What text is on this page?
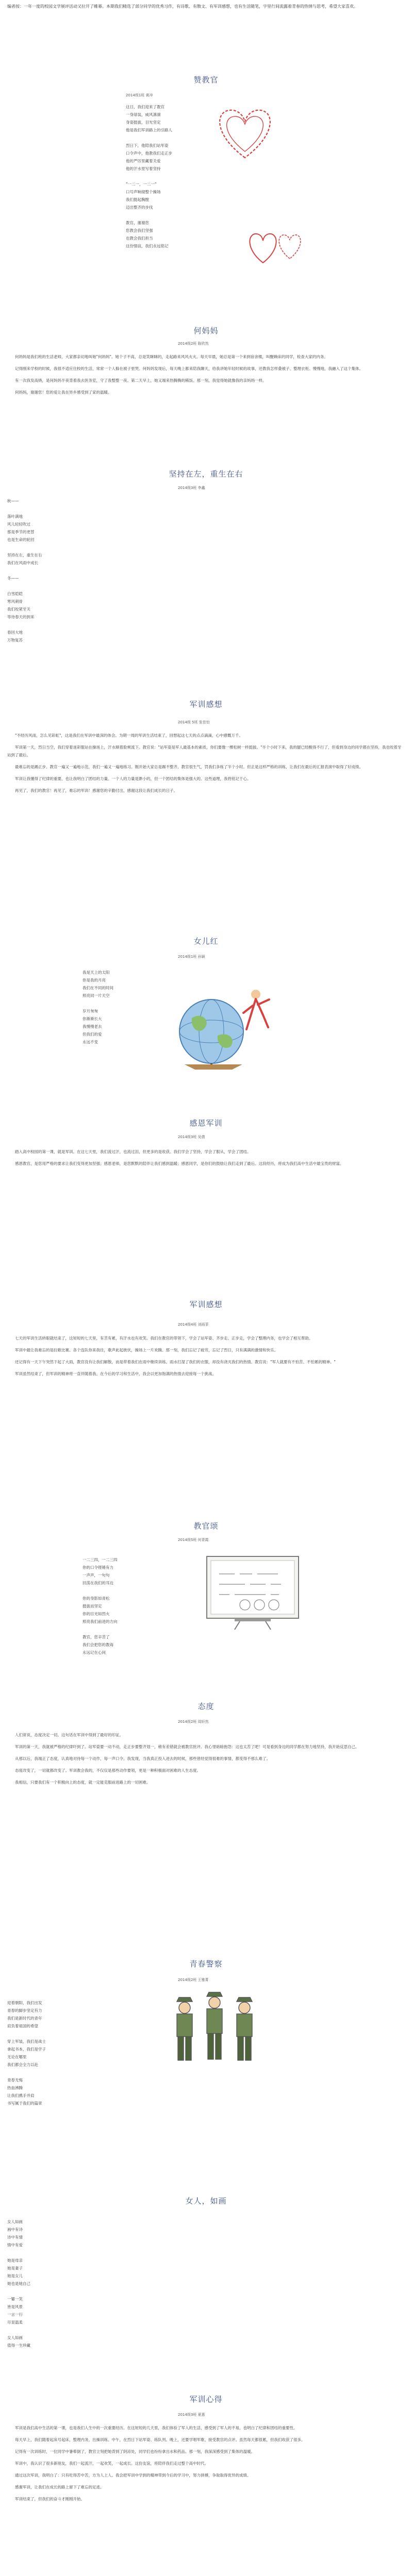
编者按：一年一度的校园文学展评活动又拉开了帷幕。本期我们精选了部分同学的优秀习作，有诗歌、有散文、有军训感想，也有生活随笔，字里行间流露着青春的热情与思考，希望大家喜欢。
赞教官
2014级1班 黄冲
这日，我们迎来了教官
一身绿装，威风凛凛
身姿挺拔，目光坚定
他是我们军训路上的引路人
烈日下，他陪我们站军姿
口令声中，他教我们走正步
他的严厉里藏着关爱
他的汗水里写着坚持
"一二一，一二一"
口号声响彻整个操场
我们挺起胸膛
迈出整齐的步伐
教官，谢谢您
您教会我们坚强
也教会我们担当
这份情谊，我们永远铭记
何妈妈
2014级2班 陈欣然
何妈妈是我们班的生活老师，大家都亲切地叫她"何妈妈"。她个子不高，总是笑眯眯的，走起路来风风火火。每天早晨，她总是第一个来到宿舍楼，叫醒赖床的同学，检查大家的内务。
记得刚来学校的时候，我很不适应住校的生活，常常一个人躲在被子里哭。何妈妈发现后，每天晚上都来陪我聊天，给我讲她年轻时候的故事，还教我怎样叠被子、整理衣柜。慢慢地，我融入了这个集体。
有一次我发高烧，是何妈妈半夜背着我去医务室，守了我整整一夜。第二天早上，她又端来热腾腾的稀饭。那一刻，我觉得她就像我的亲妈妈一样。
何妈妈，谢谢您！您的爱让我在异乡感受到了家的温暖。
坚持在左，重生在右
2014级3班 李鑫
秋——
落叶满地
风儿轻轻吹过
那是季节的更替
也是生命的轮回
坚持在左，重生在右
我们在风雨中成长
冬——
白雪皑皑
寒风刺骨
我们咬紧牙关
等待春天的到来
春回大地
万物复苏
军训感想
2014级 5班 张佳怡
"不经历风雨，怎么见彩虹"，这是我们在军训中最深的体会。为期一周的军训生活结束了，回想起这七天的点点滴滴，心中感慨万千。
军训第一天，烈日当空，我们穿着迷彩服站在操场上，汗水顺着脸颊流下。教官说："站军姿是军人最基本的素质，你们要像一棵松树一样挺拔。"半个小时下来，我的腿已经酸得不行了，但看到身边的同学都在坚持，我也咬着牙站到了最后。
最难忘的是踢正步。教官一遍又一遍地示范，我们一遍又一遍地练习。刚开始大家总是踢不整齐，教官很生气，罚我们多练了半个小时。但正是这样严格的训练，让我们在最后的汇报表演中取得了好成绩。
军训让我懂得了纪律的重要，也让我明白了团结的力量。一个人的力量是渺小的，但一个团结的集体是强大的。这些道理，我将铭记于心。
再见了，我们的教官！再见了，难忘的军训！感谢您的辛勤付出，感谢这段让我们成长的日子。
女儿红
2014级1班 孙颖
我是天上的太阳
你是我的月亮
我们在不同的时间
照亮同一片天空
岁月匆匆
你渐渐长大
我慢慢老去
但我们的爱
永远不变
感恩军训
2014级3班 吴倩
踏入高中校园的第一课，就是军训。在这七天里，我们流过汗，也流过泪，但更多的是收获。我们学会了坚持，学会了服从，学会了团结。
感恩教官，是您用严格的要求让我们变得更加坚强；感恩老师，是您默默的陪伴让我们感到温暖；感恩同学，是你们的鼓励让我们走到了最后。这段经历，将成为我们高中生活中最宝贵的财富。
军训感想
2014级4班 刘雨菲
七天的军训生活转眼就结束了，这短短的七天里，有苦有累，有汗水也有欢笑。我们在教官的带领下，学会了站军姿、齐步走、正步走，学会了整理内务，也学会了相互帮助。
军训中最让我难忘的是拉歌比赛。各个连队你来我往，歌声此起彼伏，操场上一片欢腾。那一刻，我们忘记了疲劳，忘记了烈日，只有满满的激情和快乐。
还记得有一天下午突然下起了大雨，教官没有让我们解散，而是带着我们在雨中继续训练。雨水打湿了我们的衣服，却没有浇灭我们的热情。教官说："军人就要有不怕苦、不怕累的精神。"
军训虽然结束了，但军训的精神将一直伴随着我。在今后的学习和生活中，我会以更加饱满的热情去迎接每一个挑战。
教官颂
2014级5班 何青霞
一二三四，一二三四
你的口令铿锵有力
一声声，一句句
回荡在我们的耳边
你的身影如青松
挺拔而坚定
你的目光如烈火
照亮我们前进的方向
教官，您辛苦了
我们会把您的教诲
永远记在心间
态度
2014级2班 周轩然
人们常说，态度决定一切。这句话在军训中得到了最好的印证。
军训的第一天，我就被严格的纪律吓到了。站军姿要一动不动，走正步要整齐划一，稍有差错就会被教官批评。我心里暗暗抱怨：这也太苦了吧！可是看到身边的同学都在努力地坚持，我开始反思自己。
从那以后，我端正了态度，认真地对待每一个动作，每一声口令。我发现，当我真正投入进去的时候，那些曾经觉得很难的事情，都变得不那么难了。
态度改变了，一切就都改变了。军训教会我的，不仅仅是那些动作要领，更是一种积极面对困难的人生态度。
我相信，只要我们有一个积极向上的态度，就一定能克服前进路上的一切困难。
青春警察
2014级2班 王雅菁
迎着朝阳，我们出发
青春的脚步坚定有力
我们是新时代的青年
肩负着祖国的希望
穿上军装，我们是战士
拿起书本，我们是学子
无论在哪里
我们都会全力以赴
青春无悔
热血沸腾
让我们携手并肩
书写属于我们的篇章
女人，如画
女人如画
画中有诗
诗中有情
情中有爱
她是母亲
她是妻子
她是女儿
她也是她自己
一颦一笑
皆是风景
一言一行
尽显温柔
女人如画
值得一生珍藏
军训心得
2014级3班 夏惠
军训是我们高中生活的第一课，也是我们人生中的一次重要经历。在这短短的几天里，我们体验了军人的生活，感受到了军人的不易，也明白了纪律和团结的重要性。
每天早上，我们随着起床号起床，整理内务，出操训练。中午，在烈日下站军姿、练队列。晚上，还要学唱军歌、接受教官的点评。虽然每天都很累，但我们收获了很多。
记得有一次训练时，一位同学中暑晕倒了，教官立刻把她背到了阴凉处，同学们也纷纷拿出水和药品。那一刻，我深深感受到了集体的温暖。
军训中，我认识了很多新朋友，我们一起流汗，一起欢笑，一起成长。这份友谊，将陪伴我们走过整个高中时代。
通过这次军训，我明白了：只有吃得苦中苦，方为人上人。我会把军训中学到的精神带到今后的学习中，努力拼搏，争取取得优异的成绩。
感谢军训，让我们在成长的路上留下了难忘的足迹。
军训结束了，但我们的奋斗才刚刚开始。
